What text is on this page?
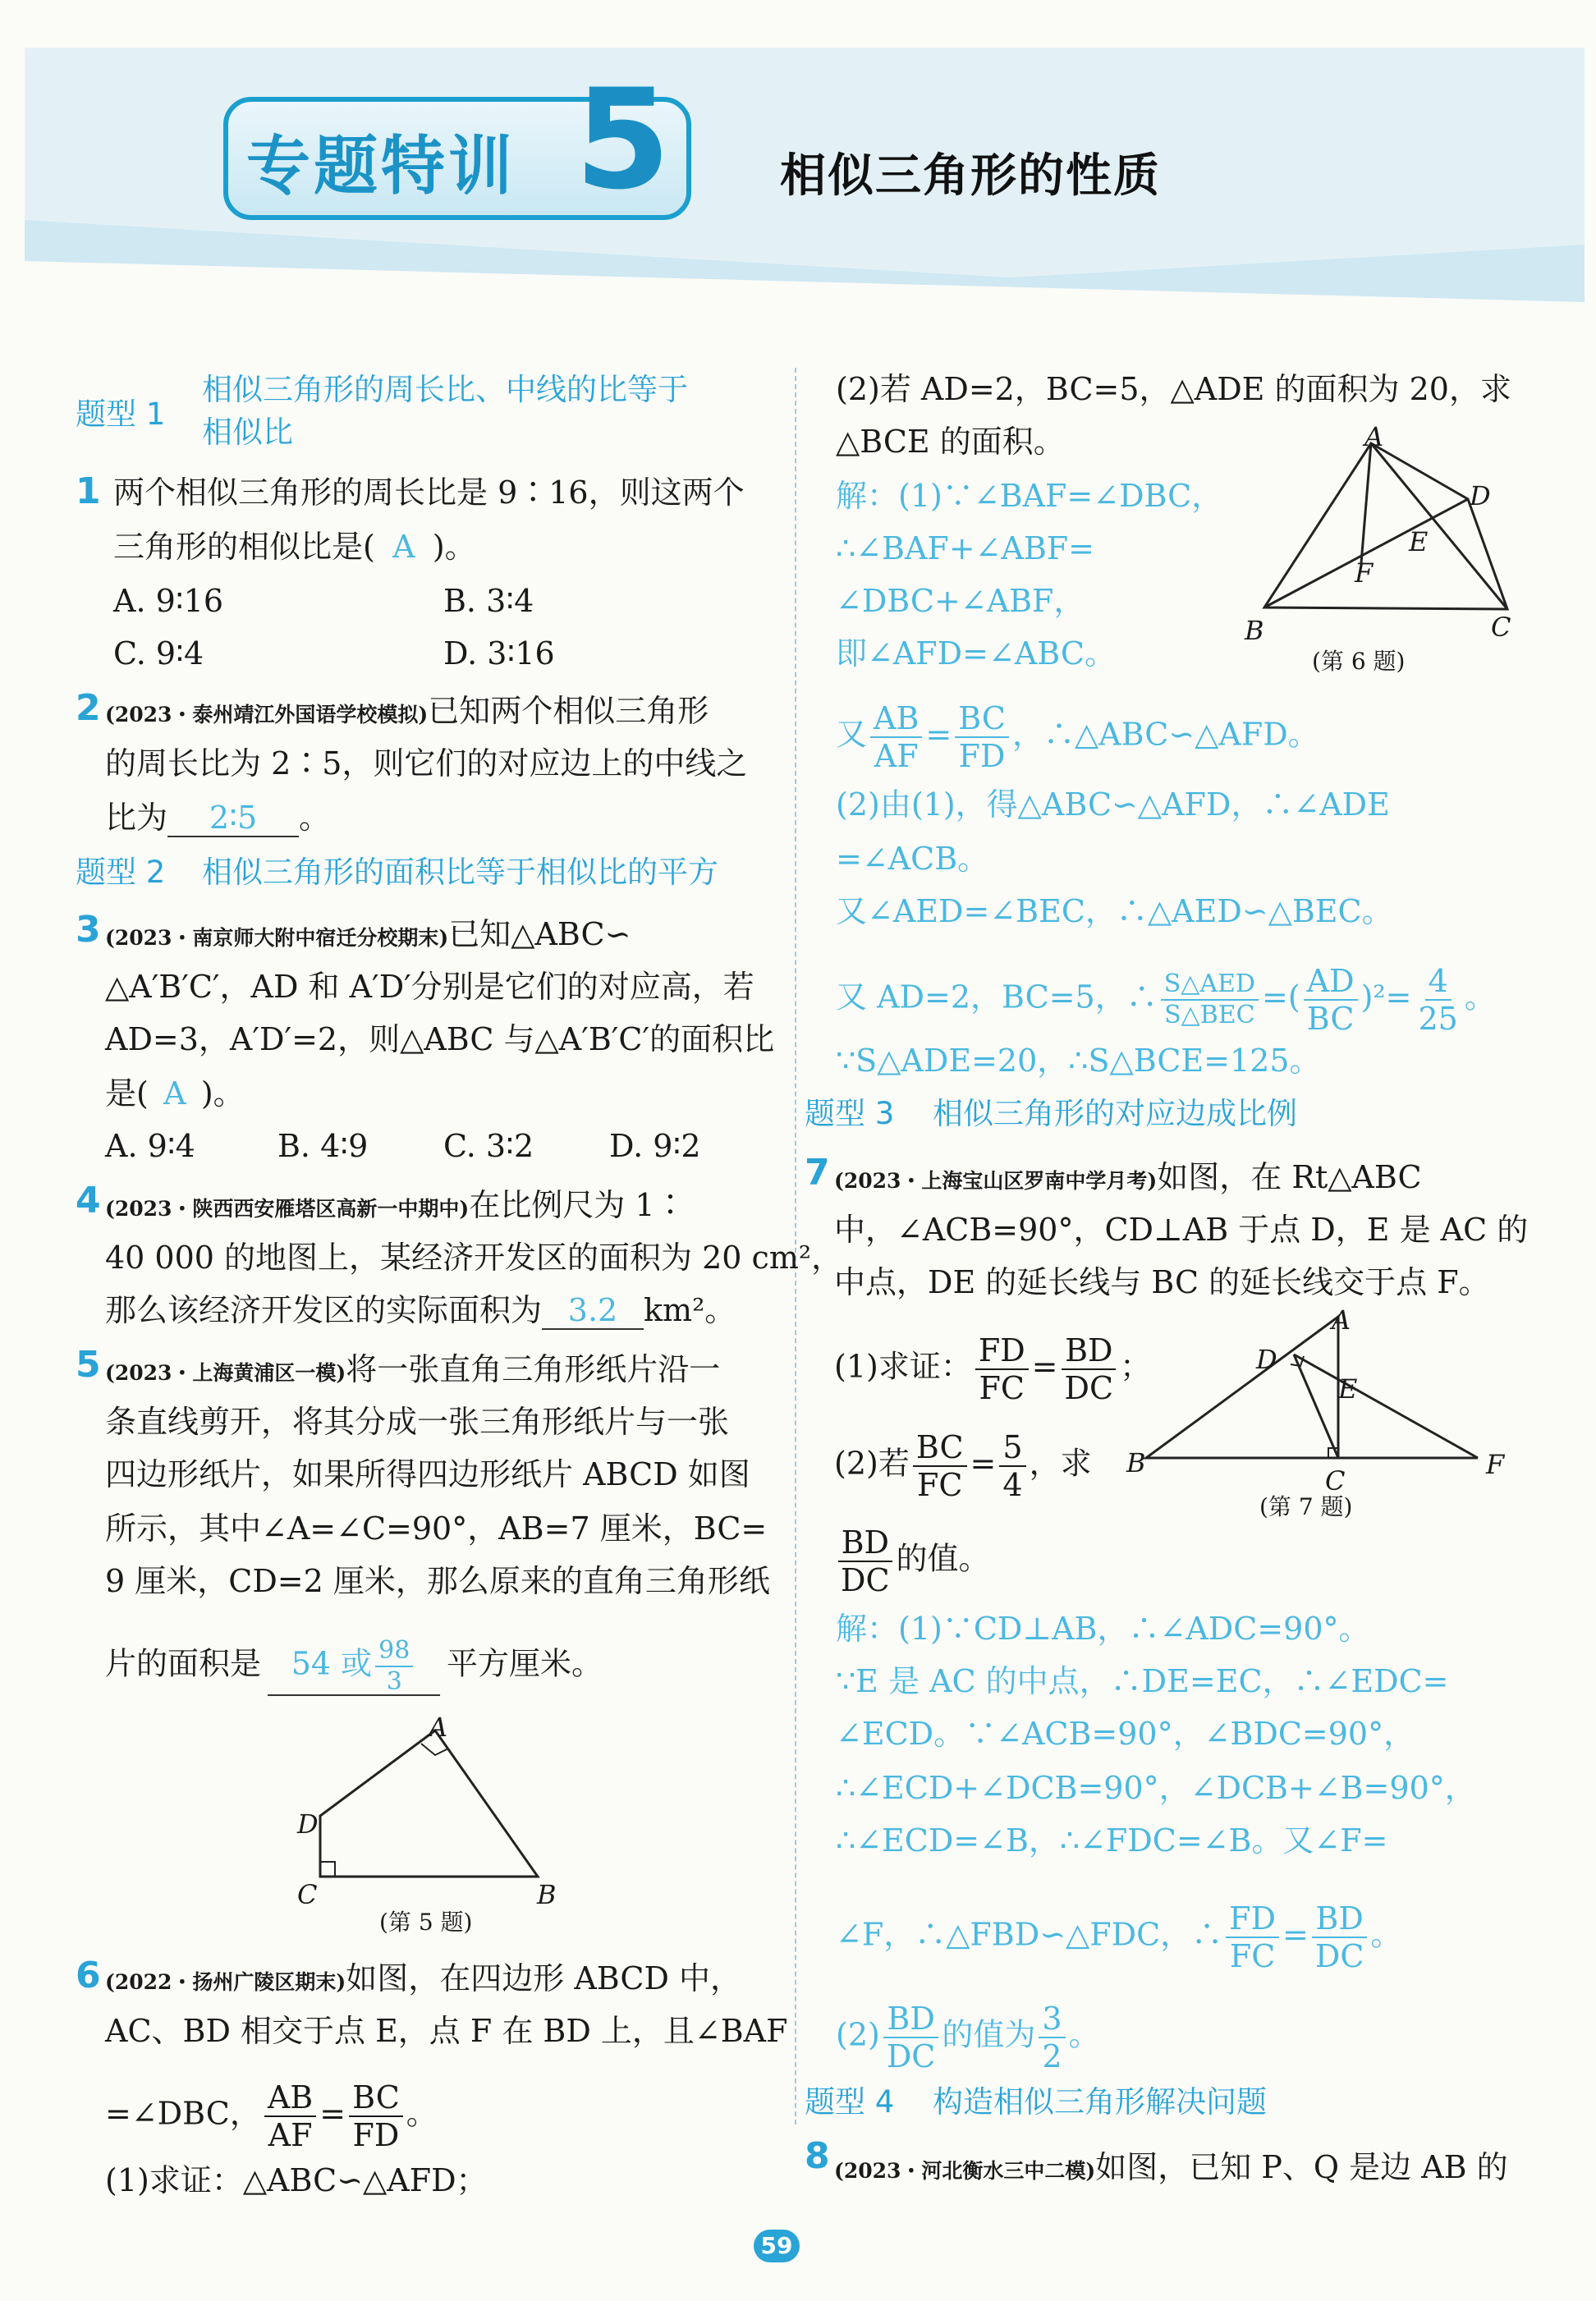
专题特训 5 相似三角形的性质
题型 1
相似三角形的周长比、中线的比等于
相似比
1 两个相似三角形的周长比是 9∶16，则这两个
三角形的相似比是( A )。
A. 9∶16	B. 3∶4
C. 9∶4	D. 3∶16
2 (2023・泰州靖江外国语学校模拟)已知两个相似三角形
的周长比为 2∶5，则它们的对应边上的中线之
比为 2∶5 。
题型 2 相似三角形的面积比等于相似比的平方
3 (2023・南京师大附中宿迁分校期末)已知△ABC∽
△A′B′C′，AD 和 A′D′分别是它们的对应高，若
AD=3，A′D′=2，则△ABC 与△A′B′C′的面积比
是( A )。
A. 9∶4	B. 4∶9 C. 3∶2 D. 9∶2
4 (2023・陕西西安雁塔区高新一中期中)在比例尺为 1∶
40 000 的地图上，某经济开发区的面积为 20 cm²，
那么该经济开发区的实际面积为 3.2 km²。
5 (2023・上海黄浦区一模)将一张直角三角形纸片沿一
条直线剪开，将其分成一张三角形纸片与一张
四边形纸片，如果所得四边形纸片 ABCD 如图
所示，其中∠A=∠C=90°，AB=7 厘米，BC=
9 厘米，CD=2 厘米，那么原来的直角三角形纸
片的面积是 54 或 $\frac{98}{3}$ 平方厘米。
A
D
C	B
(第 5 题)
6 (2022・扬州广陵区期末)如图，在四边形 ABCD 中，
AC、BD 相交于点 E，点 F 在 BD 上，且∠BAF
=∠DBC， $\frac{AB}{AF} = \frac{BC}{FD}$ 。
(1)求证：△ABC∽△AFD；
(2)若 AD=2，BC=5，△ADE 的面积为 20，求
△BCE 的面积。
解：(1)∵∠BAF=∠DBC，
∴∠BAF+∠ABF=
∠DBC+∠ABF，
即∠AFD=∠ABC。
又 $\frac{AB}{AF} = \frac{BC}{FD}$ ，∴△ABC∽△AFD。
(2)由(1)，得△ABC∽△AFD，∴∠ADE
=∠ACB。
又∠AED=∠BEC，∴△AED∽△BEC。
又 AD=2，BC=5，∴ $\frac{\text{S△AED}}{\text{S△BEC}}$ =( $\frac{AD}{BC} )^2= \frac{4}{25}$ 。
∵S△ADE=20，∴S△BCE=125。
A
D
E
F
B	C
(第 6 题)
题型 3 相似三角形的对应边成比例
7 (2023・上海宝山区罗南中学月考)如图，在 Rt△ABC
中，∠ACB=90°，CD⊥AB 于点 D，E 是 AC 的
中点，DE 的延长线与 BC 的延长线交于点 F。
(1)求证： $\frac{FD}{FC} = \frac{BD}{DC}$ ；
(2)若 $\frac{BC}{FC} = \frac{5}{4}$ ，求
$\frac{BD}{DC}$ 的值。
A
D
E
B
C
F
(第 7 题)
解：(1)∵CD⊥AB，∴∠ADC=90°。
∵E 是 AC 的中点，∴DE=EC，∴∠EDC=
∠ECD。∵∠ACB=90°，∠BDC=90°，
∴∠ECD+∠DCB=90°，∠DCB+∠B=90°，
∴∠ECD=∠B，∴∠FDC=∠B。又∠F=
∠F，∴△FBD∽△FDC，∴ $\frac{FD}{FC} = \frac{BD}{DC}$ 。
$(2) \frac{BD}{DC}$ 的值为 $\frac{3}{2}$ 。
题型 4 构造相似三角形解决问题
8 (2023・河北衡水三中二模)如图，已知 P、Q 是边 AB 的
59
